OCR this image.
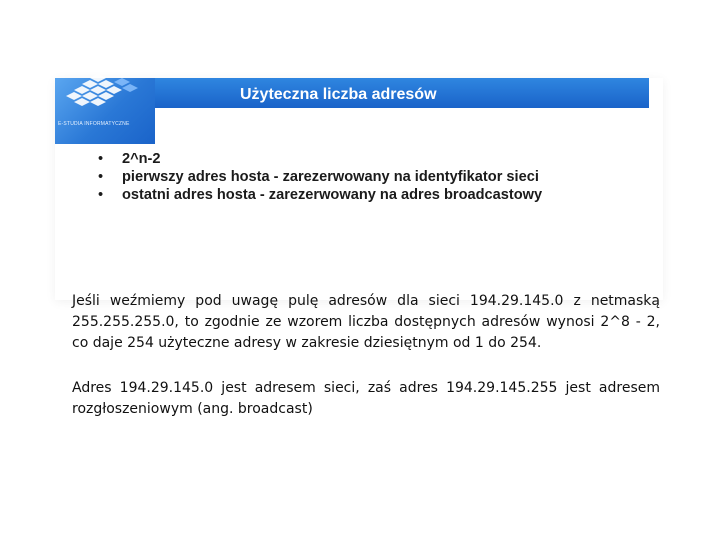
E-STUDIA INFORMATYCZNE
Użyteczna liczba adresów
• 2^n-2
• pierwszy adres hosta - zarezerwowany na identyfikator sieci
• ostatni adres hosta - zarezerwowany na adres broadcastowy

Jeśli weźmiemy pod uwagę pulę adresów dla sieci 194.29.145.0 z netmaską 255.255.255.0, to zgodnie ze wzorem liczba dostępnych adresów wynosi 2^8 - 2, co daje 254 użyteczne adresy w zakresie dziesiętnym od 1 do 254.

Adres 194.29.145.0 jest adresem sieci, zaś adres 194.29.145.255 jest adresem rozgłoszeniowym (ang. broadcast)
